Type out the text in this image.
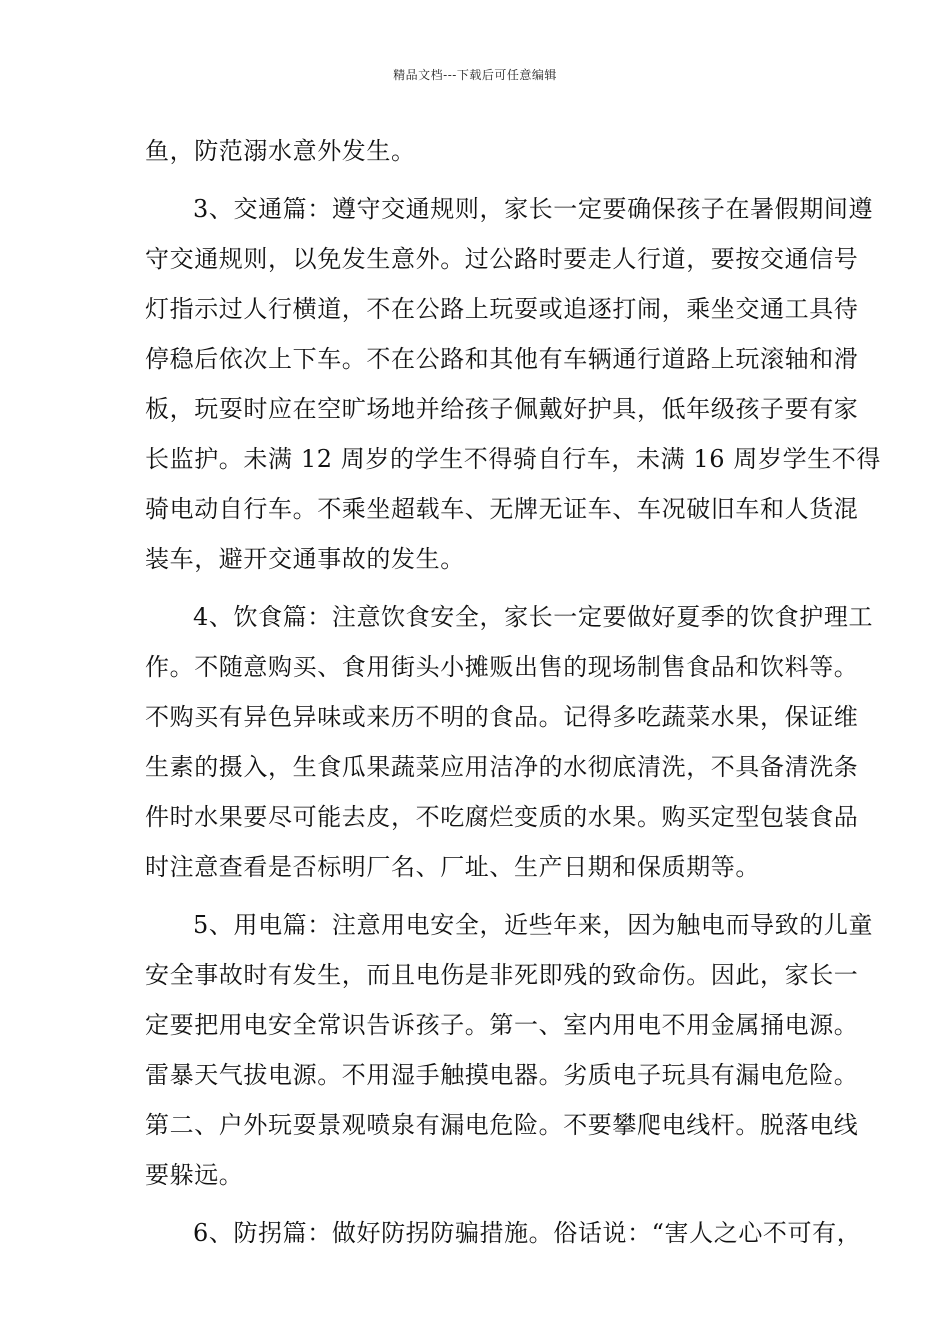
精品文档---下载后可任意编辑
鱼，防范溺水意外发生。
3、交通篇：遵守交通规则，家长一定要确保孩子在暑假期间遵
守交通规则，以免发生意外。过公路时要走人行道，要按交通信号
灯指示过人行横道，不在公路上玩耍或追逐打闹，乘坐交通工具待
停稳后依次上下车。不在公路和其他有车辆通行道路上玩滚轴和滑
板，玩耍时应在空旷场地并给孩子佩戴好护具，低年级孩子要有家
长监护。未满 12 周岁的学生不得骑自行车，未满 16 周岁学生不得
骑电动自行车。不乘坐超载车、无牌无证车、车况破旧车和人货混
装车，避开交通事故的发生。
4、饮食篇：注意饮食安全，家长一定要做好夏季的饮食护理工
作。不随意购买、食用街头小摊贩出售的现场制售食品和饮料等。
不购买有异色异味或来历不明的食品。记得多吃蔬菜水果，保证维
生素的摄入，生食瓜果蔬菜应用洁净的水彻底清洗，不具备清洗条
件时水果要尽可能去皮，不吃腐烂变质的水果。购买定型包装食品
时注意查看是否标明厂名、厂址、生产日期和保质期等。
5、用电篇：注意用电安全，近些年来，因为触电而导致的儿童
安全事故时有发生，而且电伤是非死即残的致命伤。因此，家长一
定要把用电安全常识告诉孩子。第一、室内用电不用金属捅电源。
雷暴天气拔电源。不用湿手触摸电器。劣质电子玩具有漏电危险。
第二、户外玩耍景观喷泉有漏电危险。不要攀爬电线杆。脱落电线
要躲远。
6、防拐篇：做好防拐防骗措施。俗话说：“害人之心不可有，
